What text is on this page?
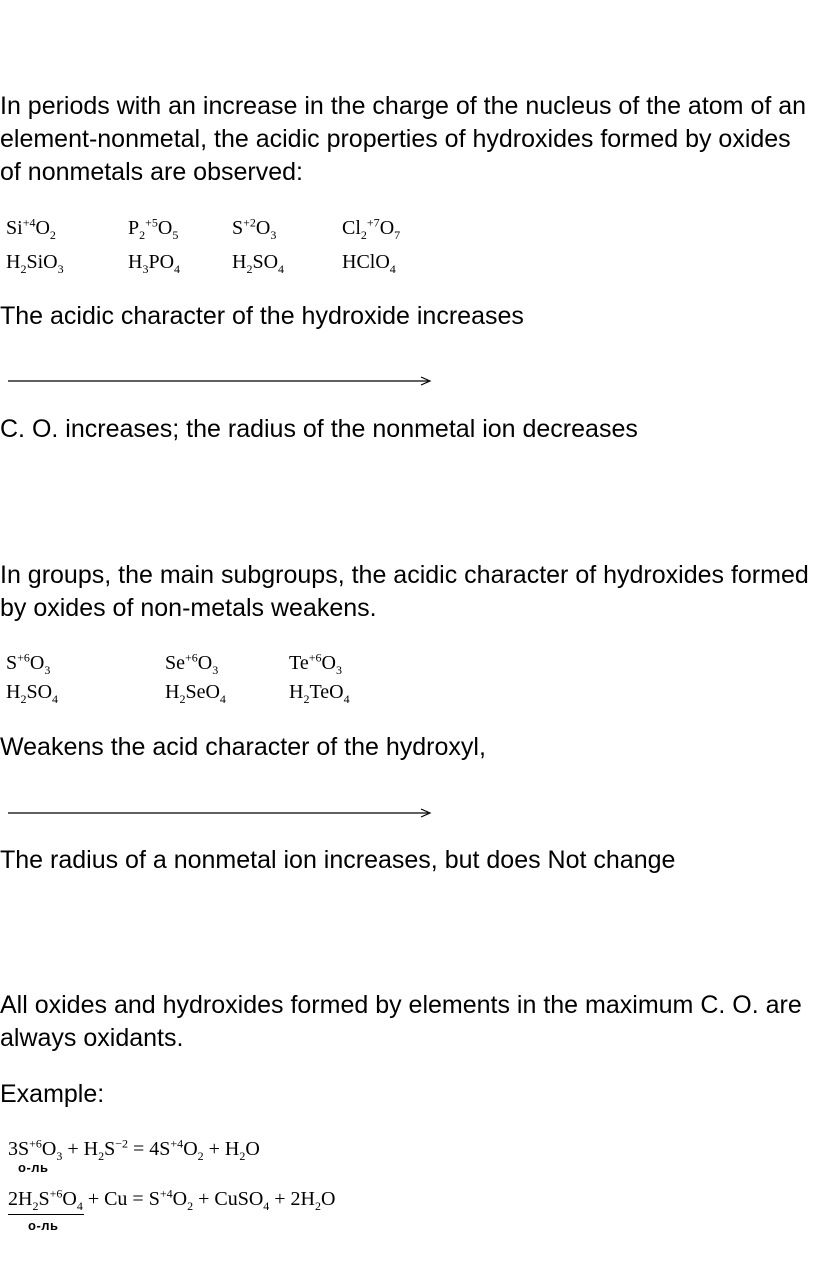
In periods with an increase in the charge of the nucleus of the atom of an element-nonmetal, the acidic properties of hydroxides formed by oxides of nonmetals are observed:

$Si^{+4}O_2$	$P_2^{+5}O_5$	$S^{+2}O_3$	$Cl_2^{+7}O_7$
$H_2SiO_3$	$H_3PO_4$	$H_2SO_4$	HClO$_4$

The acidic character of the hydroxide increases

C. O. increases; the radius of the nonmetal ion decreases

In groups, the main subgroups, the acidic character of hydroxides formed by oxides of non-metals weakens.

$S^{+6}O_3$	$Se^{+6}O_3$	$Te^{+6}O_3$
$H_2SO_4$	$H_2SeO_4$	$H_2TeO_4$

Weakens the acid character of the hydroxyl,

The radius of a nonmetal ion increases, but does Not change

All oxides and hydroxides formed by elements in the maximum C. O. are always oxidants.

Example:

$3S^{+6}O_3 + H_2S^{-2} = 4S^{+4}O_2 + H_2O$
о-ль
$2H_2S^{+6}O_4 + Cu = S^{+4}O_2$ + CuSO$_4$ + $2H_2O$
о-ль
